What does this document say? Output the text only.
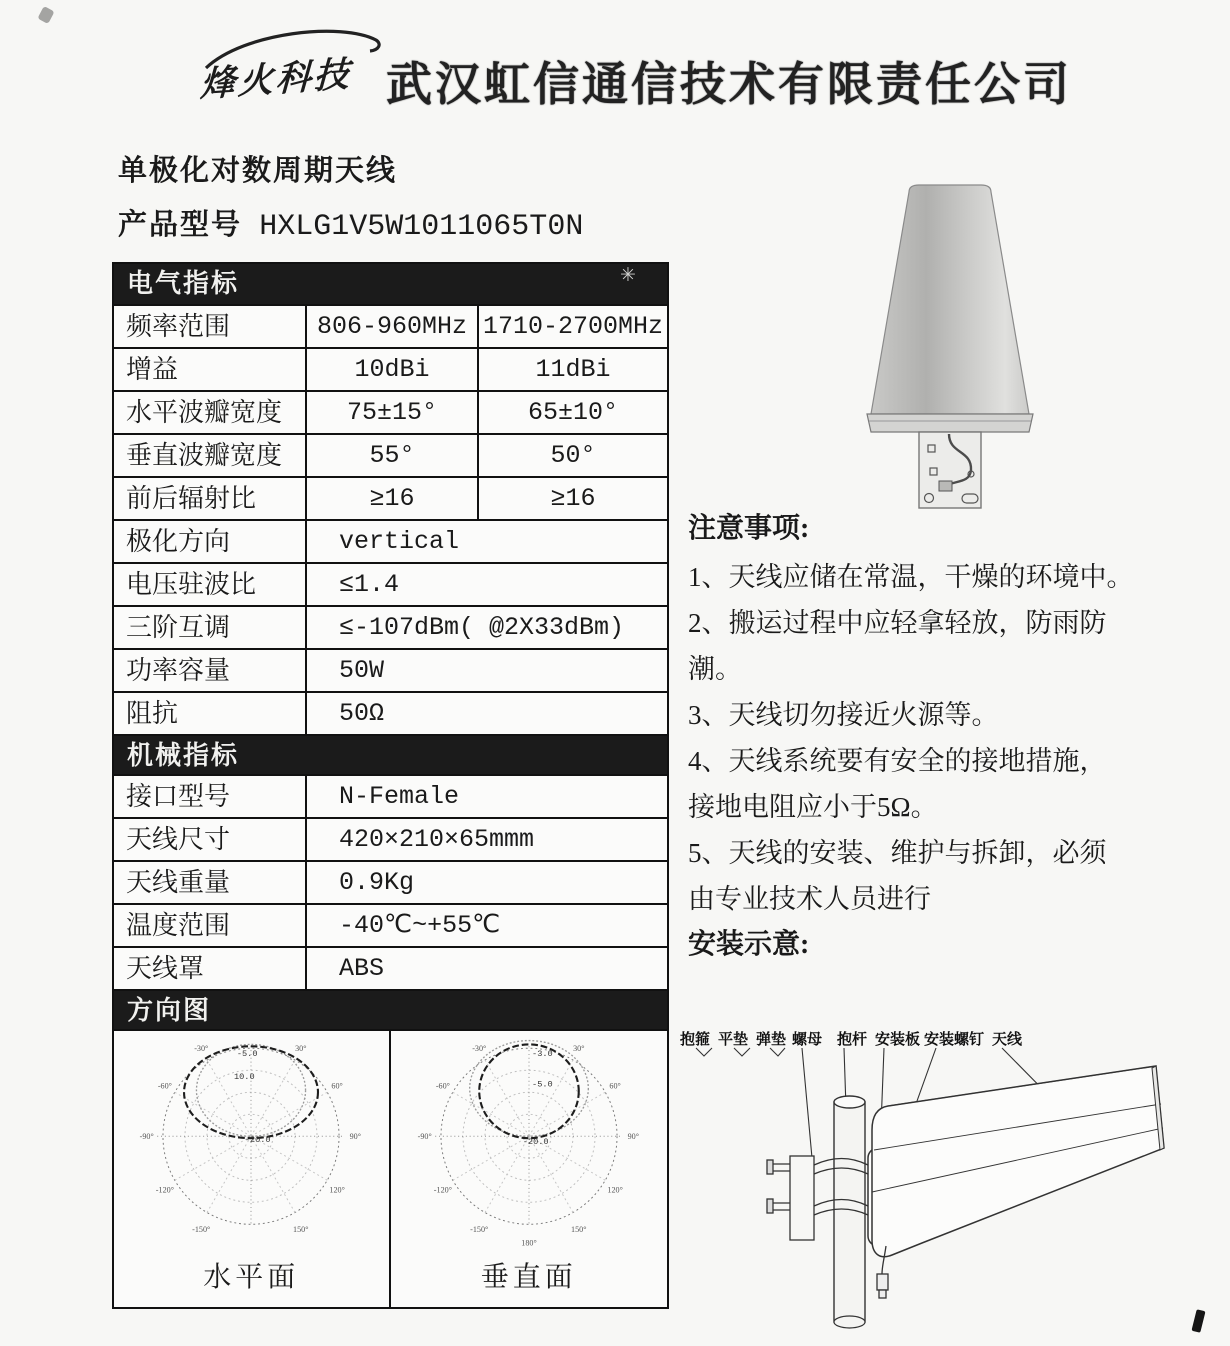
烽火科技 武汉虹信通信技术有限责任公司
单极化对数周期天线
产品型号 HXLG1V5W1011065T0N
电气指标
频率范围	806-960MHz 1710-2700MHz
增益	10dBi	11dBi
水平波瓣宽度	75±15°	65±10°
垂直波瓣宽度	55°	50°
前后辐射比	≥16	≥16
极化方向	vertical
电压驻波比	≤1.4
三阶互调	≤-107dBm( @2X33dBm)
功率容量	50W
阻抗	50Ω
机械指标
接口型号	N-Female
天线尺寸	420×210×65mmm
天线重量	0.9Kg
温度范围	-40℃~+55℃
天线罩	ABS
方向图
-30°	30°
-60°	60°
-90°	90°
-120°	120°
-150°	150°
-5.0
10.0
-20.0
水平面
-30°	30°
-60°	60°
-90°	90°
-120°	120°
-150°	150°
180°
-3.0
-5.0
-20.0
垂直面
注意事项:
1、天线应储在常温，干燥的环境中。
2、搬运过程中应轻拿轻放，防雨防
潮。
3、天线切勿接近火源等。
4、天线系统要有安全的接地措施，
接地电阻应小于5Ω。
5、天线的安装、维护与拆卸，必须
由专业技术人员进行
安装示意:
抱箍 平垫 弹垫 螺母 抱杆 安装板 安装螺钉 天线
✳
